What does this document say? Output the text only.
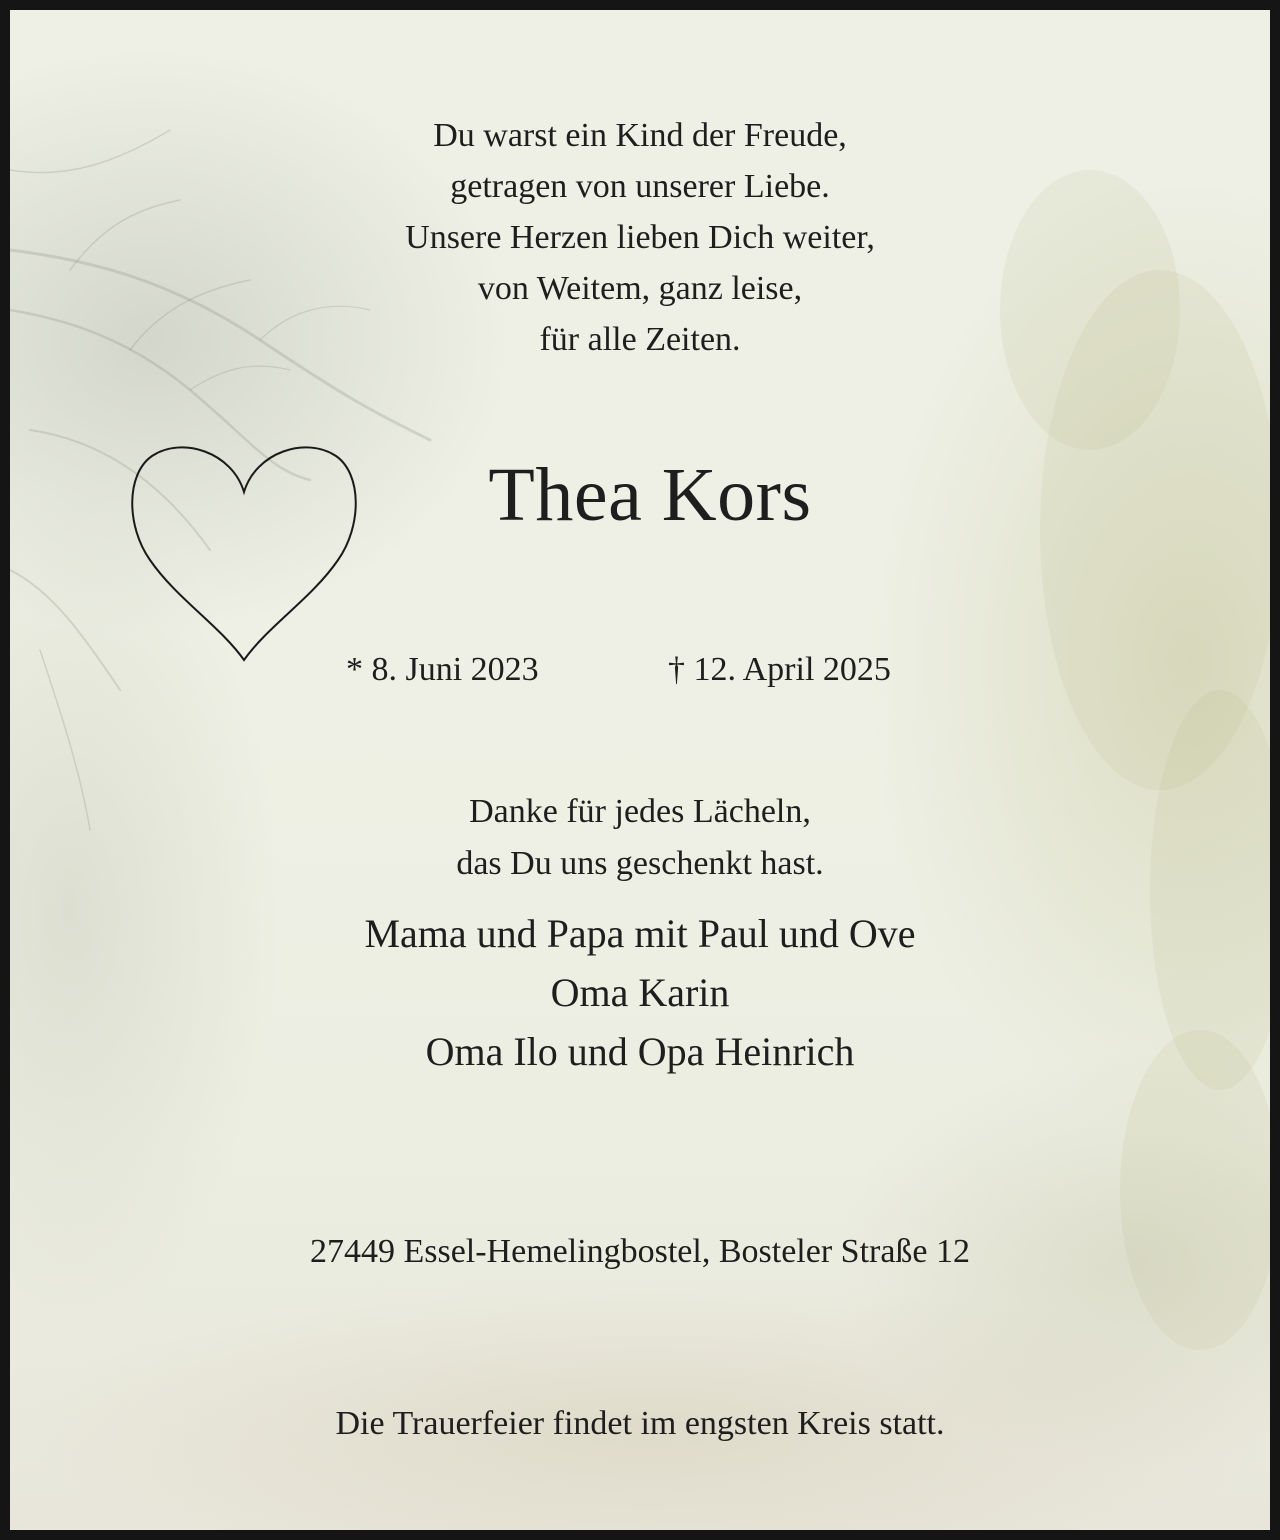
Du warst ein Kind der Freude,
getragen von unserer Liebe.
Unsere Herzen lieben Dich weiter,
von Weitem, ganz leise,
für alle Zeiten.
Thea Kors
* 8. Juni 2023	† 12. April 2025
Danke für jedes Lächeln,
das Du uns geschenkt hast.
Mama und Papa mit Paul und Ove
Oma Karin
Oma Ilo und Opa Heinrich
27449 Essel-Hemelingbostel, Bosteler Straße 12
Die Trauerfeier findet im engsten Kreis statt.
